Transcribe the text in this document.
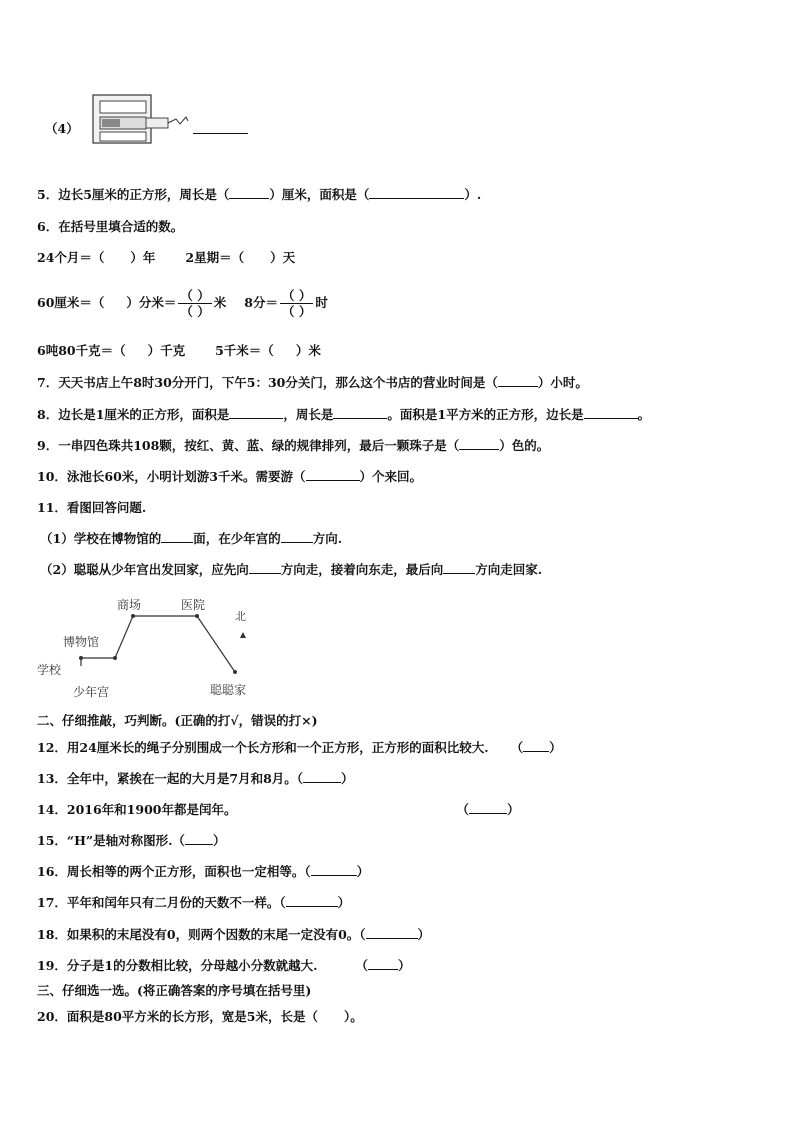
（4）
5．边长5厘米的正方形，周长是（	）厘米，面积是（	）.
6．在括号里填合适的数。
24个月＝（ ）年 2星期＝（ ）天
60厘米＝（ ）分米＝ $\frac{( )}{( )}$ 米 8分＝ $\frac{( )}{( )}$ 时
6吨80千克＝（ ）千克 5千米＝（ ）米
7．天天书店上午8时30分开门，下午5：30分关门，那么这个书店的营业时间是（	）小时。
8．边长是1厘米的正方形，面积是	，周长是	。面积是1平方米的正方形，边长是	。
9．一串四色珠共108颗，按红、黄、蓝、绿的规律排列，最后一颗珠子是（	）色的。
10．泳池长60米，小明计划游3千米。需要游（	）个来回。
11．看图回答问题.
（1）学校在博物馆的	面，在少年宫的	方向.
（2）聪聪从少年宫出发回家，应先向	方向走，接着向东走，最后向	方向走回家.
学校
博物馆
少年宫
商场	医院
聪聪家
北
二、仔细推敲，巧判断。(正确的打√，错误的打×)
12．用24厘米长的绳子分别围成一个长方形和一个正方形，正方形的面积比较大. （ ）
13．全年中，紧挨在一起的大月是7月和8月。（	）
14．2016年和1900年都是闰年。	（	）
15．“H”是轴对称图形.（ ）
16．周长相等的两个正方形，面积也一定相等。（	）
17．平年和闰年只有二月份的天数不一样。（	）
18．如果积的末尾没有0，则两个因数的末尾一定没有0。（	）
19．分子是1的分数相比较，分母越小分数就越大.	（ ）
三、仔细选一选。(将正确答案的序号填在括号里)
20．面积是80平方米的长方形，宽是5米，长是（ ）。
